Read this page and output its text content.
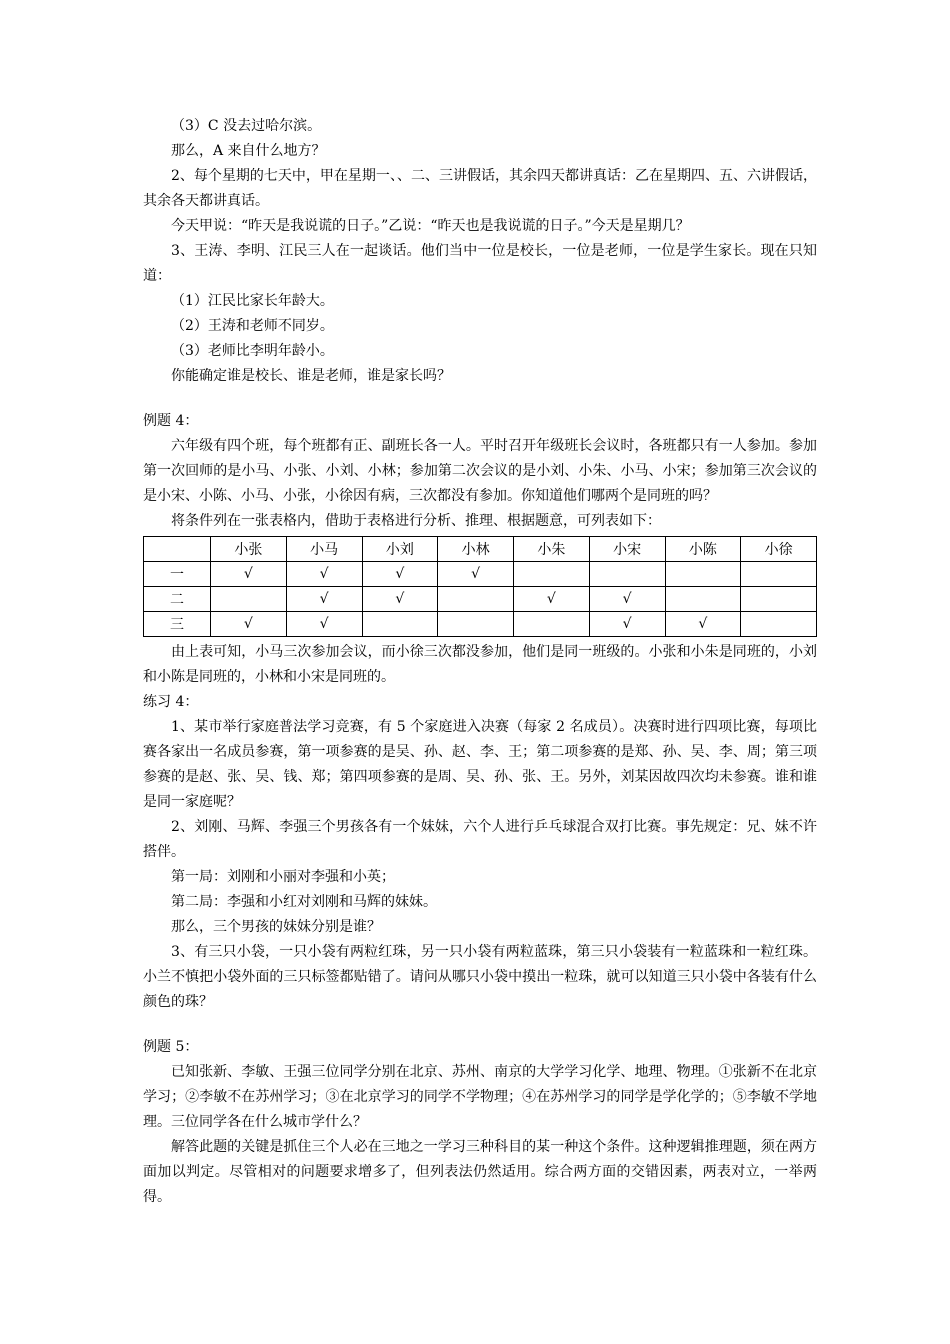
（3）C 没去过哈尔滨。

那么，A 来自什么地方？

2、每个星期的七天中，甲在星期一、、二、三讲假话，其余四天都讲真话：乙在星期四、五、六讲假话，其余各天都讲真话。

今天甲说：“昨天是我说谎的日子。”乙说：“昨天也是我说谎的日子。”今天是星期几？

3、王涛、李明、江民三人在一起谈话。他们当中一位是校长，一位是老师，一位是学生家长。现在只知道：

（1）江民比家长年龄大。

（2）王涛和老师不同岁。

（3）老师比李明年龄小。

你能确定谁是校长、谁是老师，谁是家长吗？

例题 4：

六年级有四个班，每个班都有正、副班长各一人。平时召开年级班长会议时，各班都只有一人参加。参加第一次回师的是小马、小张、小刘、小林；参加第二次会议的是小刘、小朱、小马、小宋；参加第三次会议的是小宋、小陈、小马、小张，小徐因有病，三次都没有参加。你知道他们哪两个是同班的吗？

将条件列在一张表格内，借助于表格进行分析、推理、根据题意，可列表如下：

	小张	小马	小刘	小林	小朱	小宋	小陈	小徐
一	√	√	√	√				
二		√	√		√	√		
三	√	√				√	√	

由上表可知，小马三次参加会议，而小徐三次都没参加，他们是同一班级的。小张和小朱是同班的，小刘和小陈是同班的，小林和小宋是同班的。

练习 4：

1、某市举行家庭普法学习竞赛，有 5 个家庭进入决赛（每家 2 名成员）。决赛时进行四项比赛，每项比赛各家出一名成员参赛，第一项参赛的是吴、孙、赵、李、王；第二项参赛的是郑、孙、吴、李、周；第三项参赛的是赵、张、吴、钱、郑；第四项参赛的是周、吴、孙、张、王。另外，刘某因故四次均未参赛。谁和谁是同一家庭呢？

2、刘刚、马辉、李强三个男孩各有一个妹妹，六个人进行乒乓球混合双打比赛。事先规定：兄、妹不许搭伴。

第一局：刘刚和小丽对李强和小英；

第二局：李强和小红对刘刚和马辉的妹妹。

那么，三个男孩的妹妹分别是谁？

3、有三只小袋，一只小袋有两粒红珠，另一只小袋有两粒蓝珠，第三只小袋装有一粒蓝珠和一粒红珠。小兰不慎把小袋外面的三只标签都贴错了。请问从哪只小袋中摸出一粒珠，就可以知道三只小袋中各装有什么颜色的珠？

例题 5：

已知张新、李敏、王强三位同学分别在北京、苏州、南京的大学学习化学、地理、物理。①张新不在北京学习；②李敏不在苏州学习；③在北京学习的同学不学物理；④在苏州学习的同学是学化学的；⑤李敏不学地理。三位同学各在什么城市学什么？

解答此题的关键是抓住三个人必在三地之一学习三种科目的某一种这个条件。这种逻辑推理题，须在两方面加以判定。尽管相对的问题要求增多了，但列表法仍然适用。综合两方面的交错因素，两表对立，一举两得。
